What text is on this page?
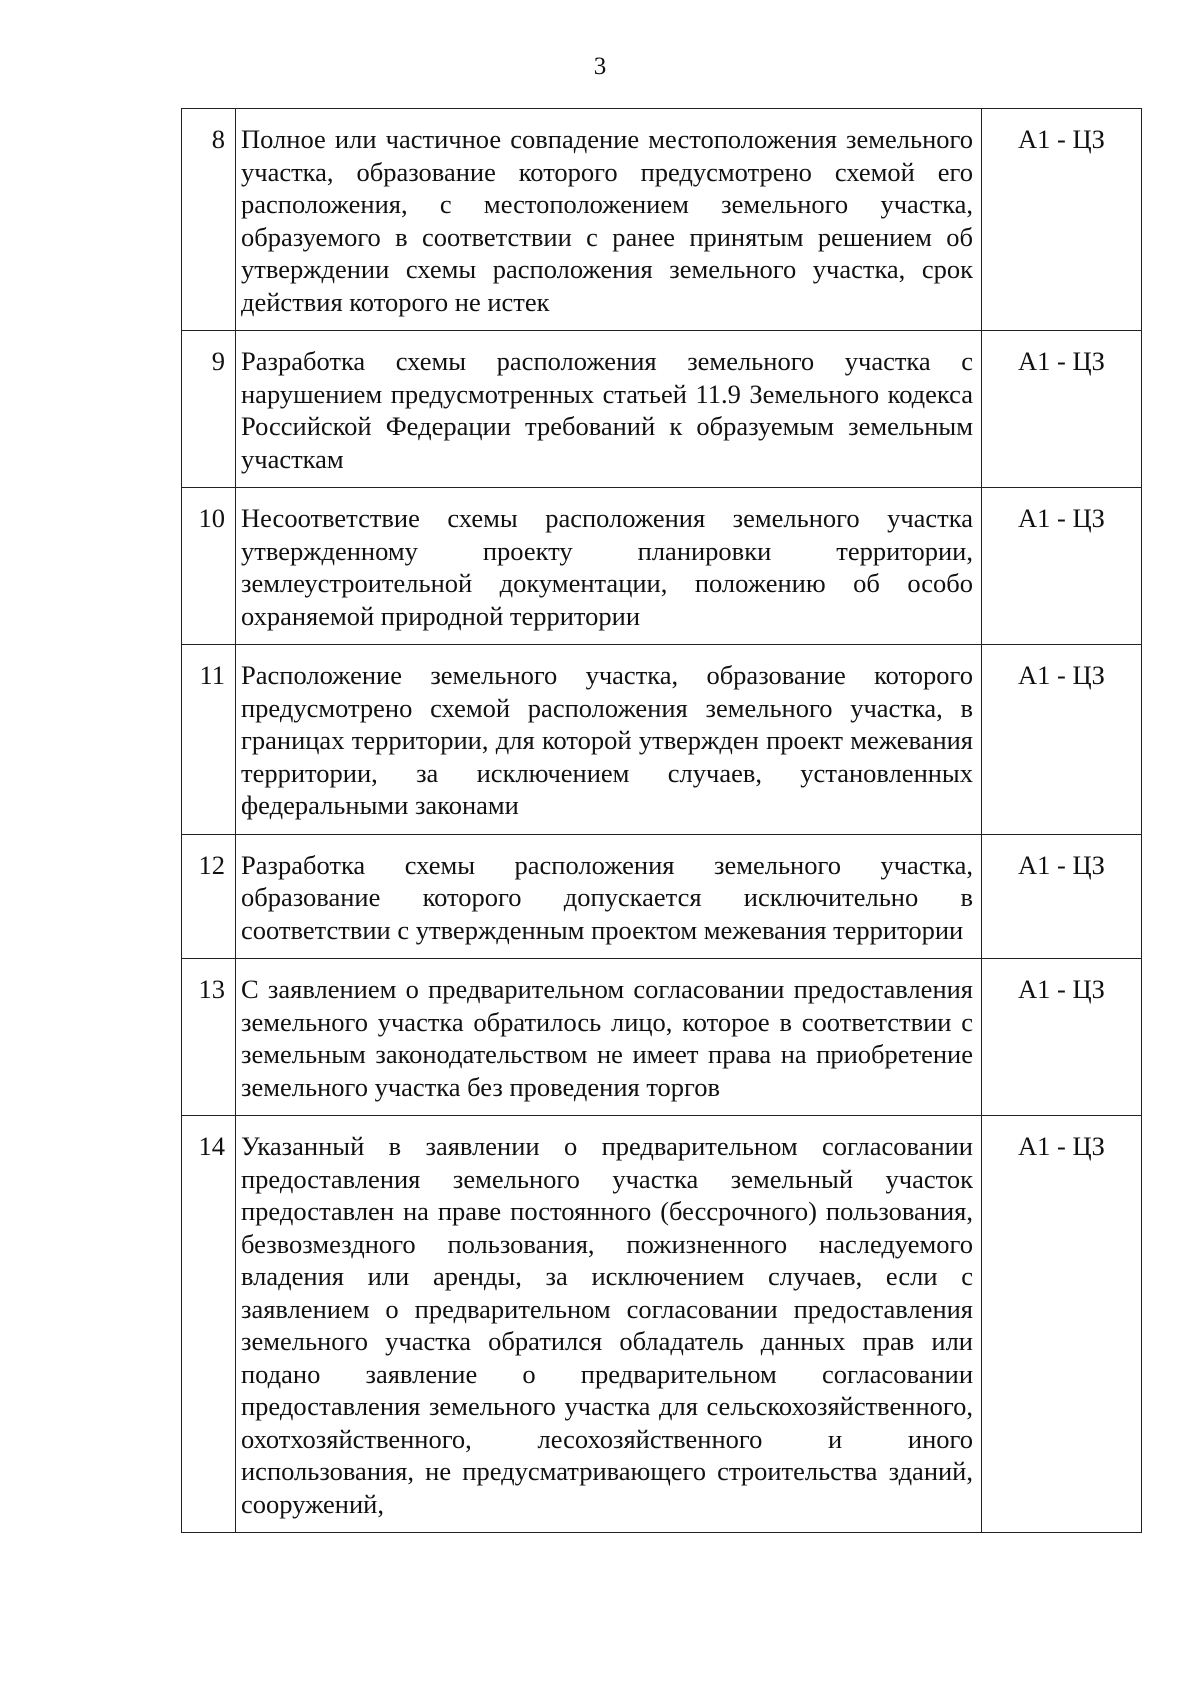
3
8	Полное или частичное совпадение местоположения земельного участка, образование которого предусмотрено схемой его расположения, с местоположением земельного участка, образуемого в соответствии с ранее принятым решением об утверждении схемы расположения земельного участка, срок действия которого не истек	А1 - ЦЗ
9	Разработка схемы расположения земельного участка с нарушением предусмотренных статьей 11.9 Земельного кодекса Российской Федерации требований к образуемым земельным участкам	А1 - ЦЗ
10	Несоответствие схемы расположения земельного участка утвержденному проекту планировки территории, землеустроительной документации, положению об особо охраняемой природной территории	А1 - ЦЗ
11	Расположение земельного участка, образование которого предусмотрено схемой расположения земельного участка, в границах территории, для которой утвержден проект межевания территории, за исключением случаев, установленных федеральными законами	А1 - ЦЗ
12	Разработка схемы расположения земельного участка, образование которого допускается исключительно в соответствии с утвержденным проектом межевания территории	А1 - ЦЗ
13	С заявлением о предварительном согласовании предоставления земельного участка обратилось лицо, которое в соответствии с земельным законодательством не имеет права на приобретение земельного участка без проведения торгов	А1 - ЦЗ
14	Указанный в заявлении о предварительном согласовании предоставления земельного участка земельный участок предоставлен на праве постоянного (бессрочного) пользования, безвозмездного пользования, пожизненного наследуемого владения или аренды, за исключением случаев, если с заявлением о предварительном согласовании предоставления земельного участка обратился обладатель данных прав или подано заявление о предварительном согласовании предоставления земельного участка для сельскохозяйственного, охотхозяйственного, лесохозяйственного и иного использования, не предусматривающего строительства зданий, сооружений,	А1 - ЦЗ
